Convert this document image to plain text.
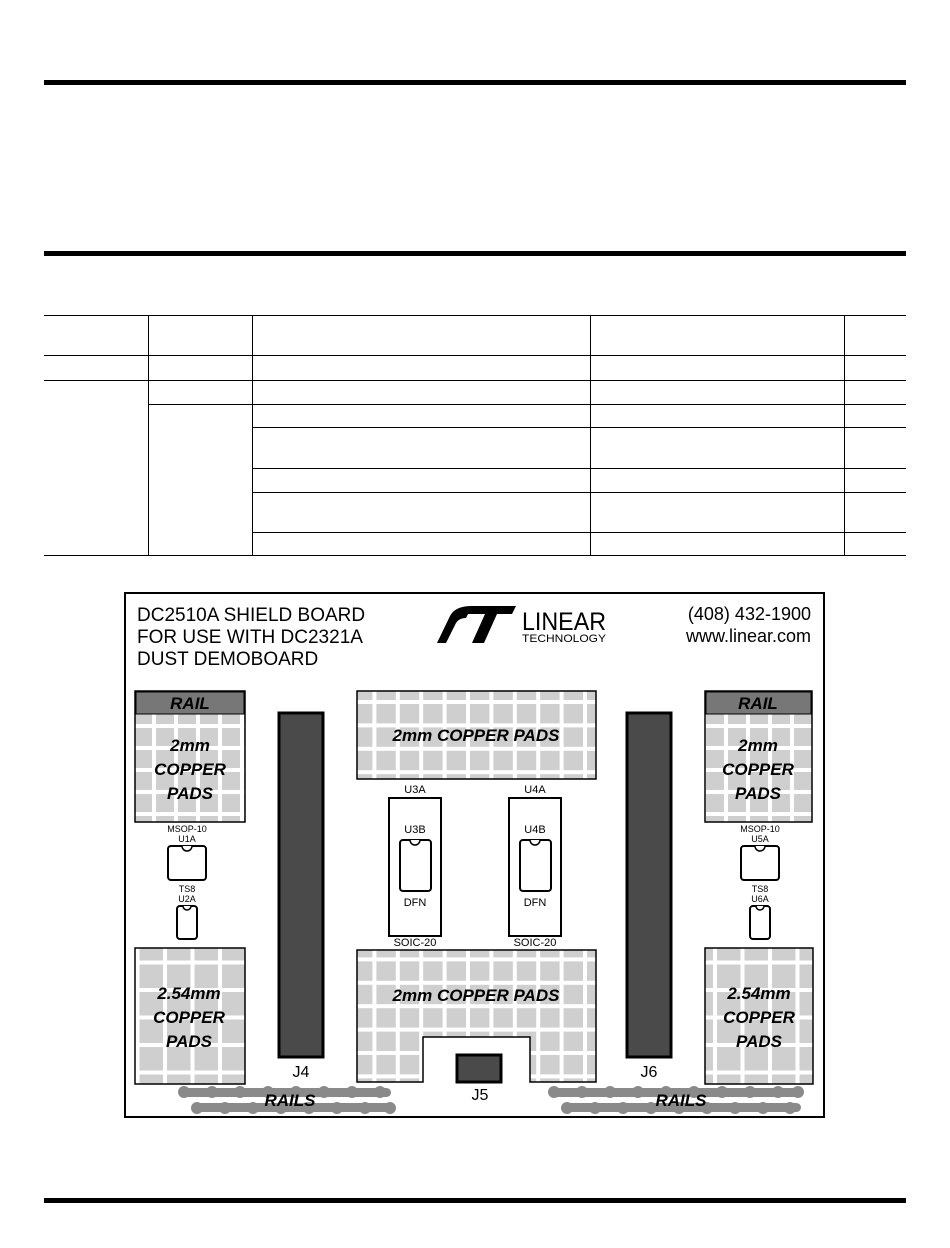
DC2510A SHIELD BOARD
FOR USE WITH DC2321A
DUST DEMOBOARD
LINEAR
TECHNOLOGY
(408) 432-1900
www.linear.com
RAIL
2mm
COPPER
PADS
RAIL
2mm
COPPER
PADS
MSOP-10
U1A
TS8
U2A
MSOP-10
U5A
TS8
U6A
2.54mm
COPPER
PADS
2.54mm
COPPER
PADS
J4	J6
2mm COPPER PADS
U3A
U3B
DFN
SOIC-20
U4A
U4B
DFN
SOIC-20
2mm COPPER PADS
J5
RAILS	RAILS
